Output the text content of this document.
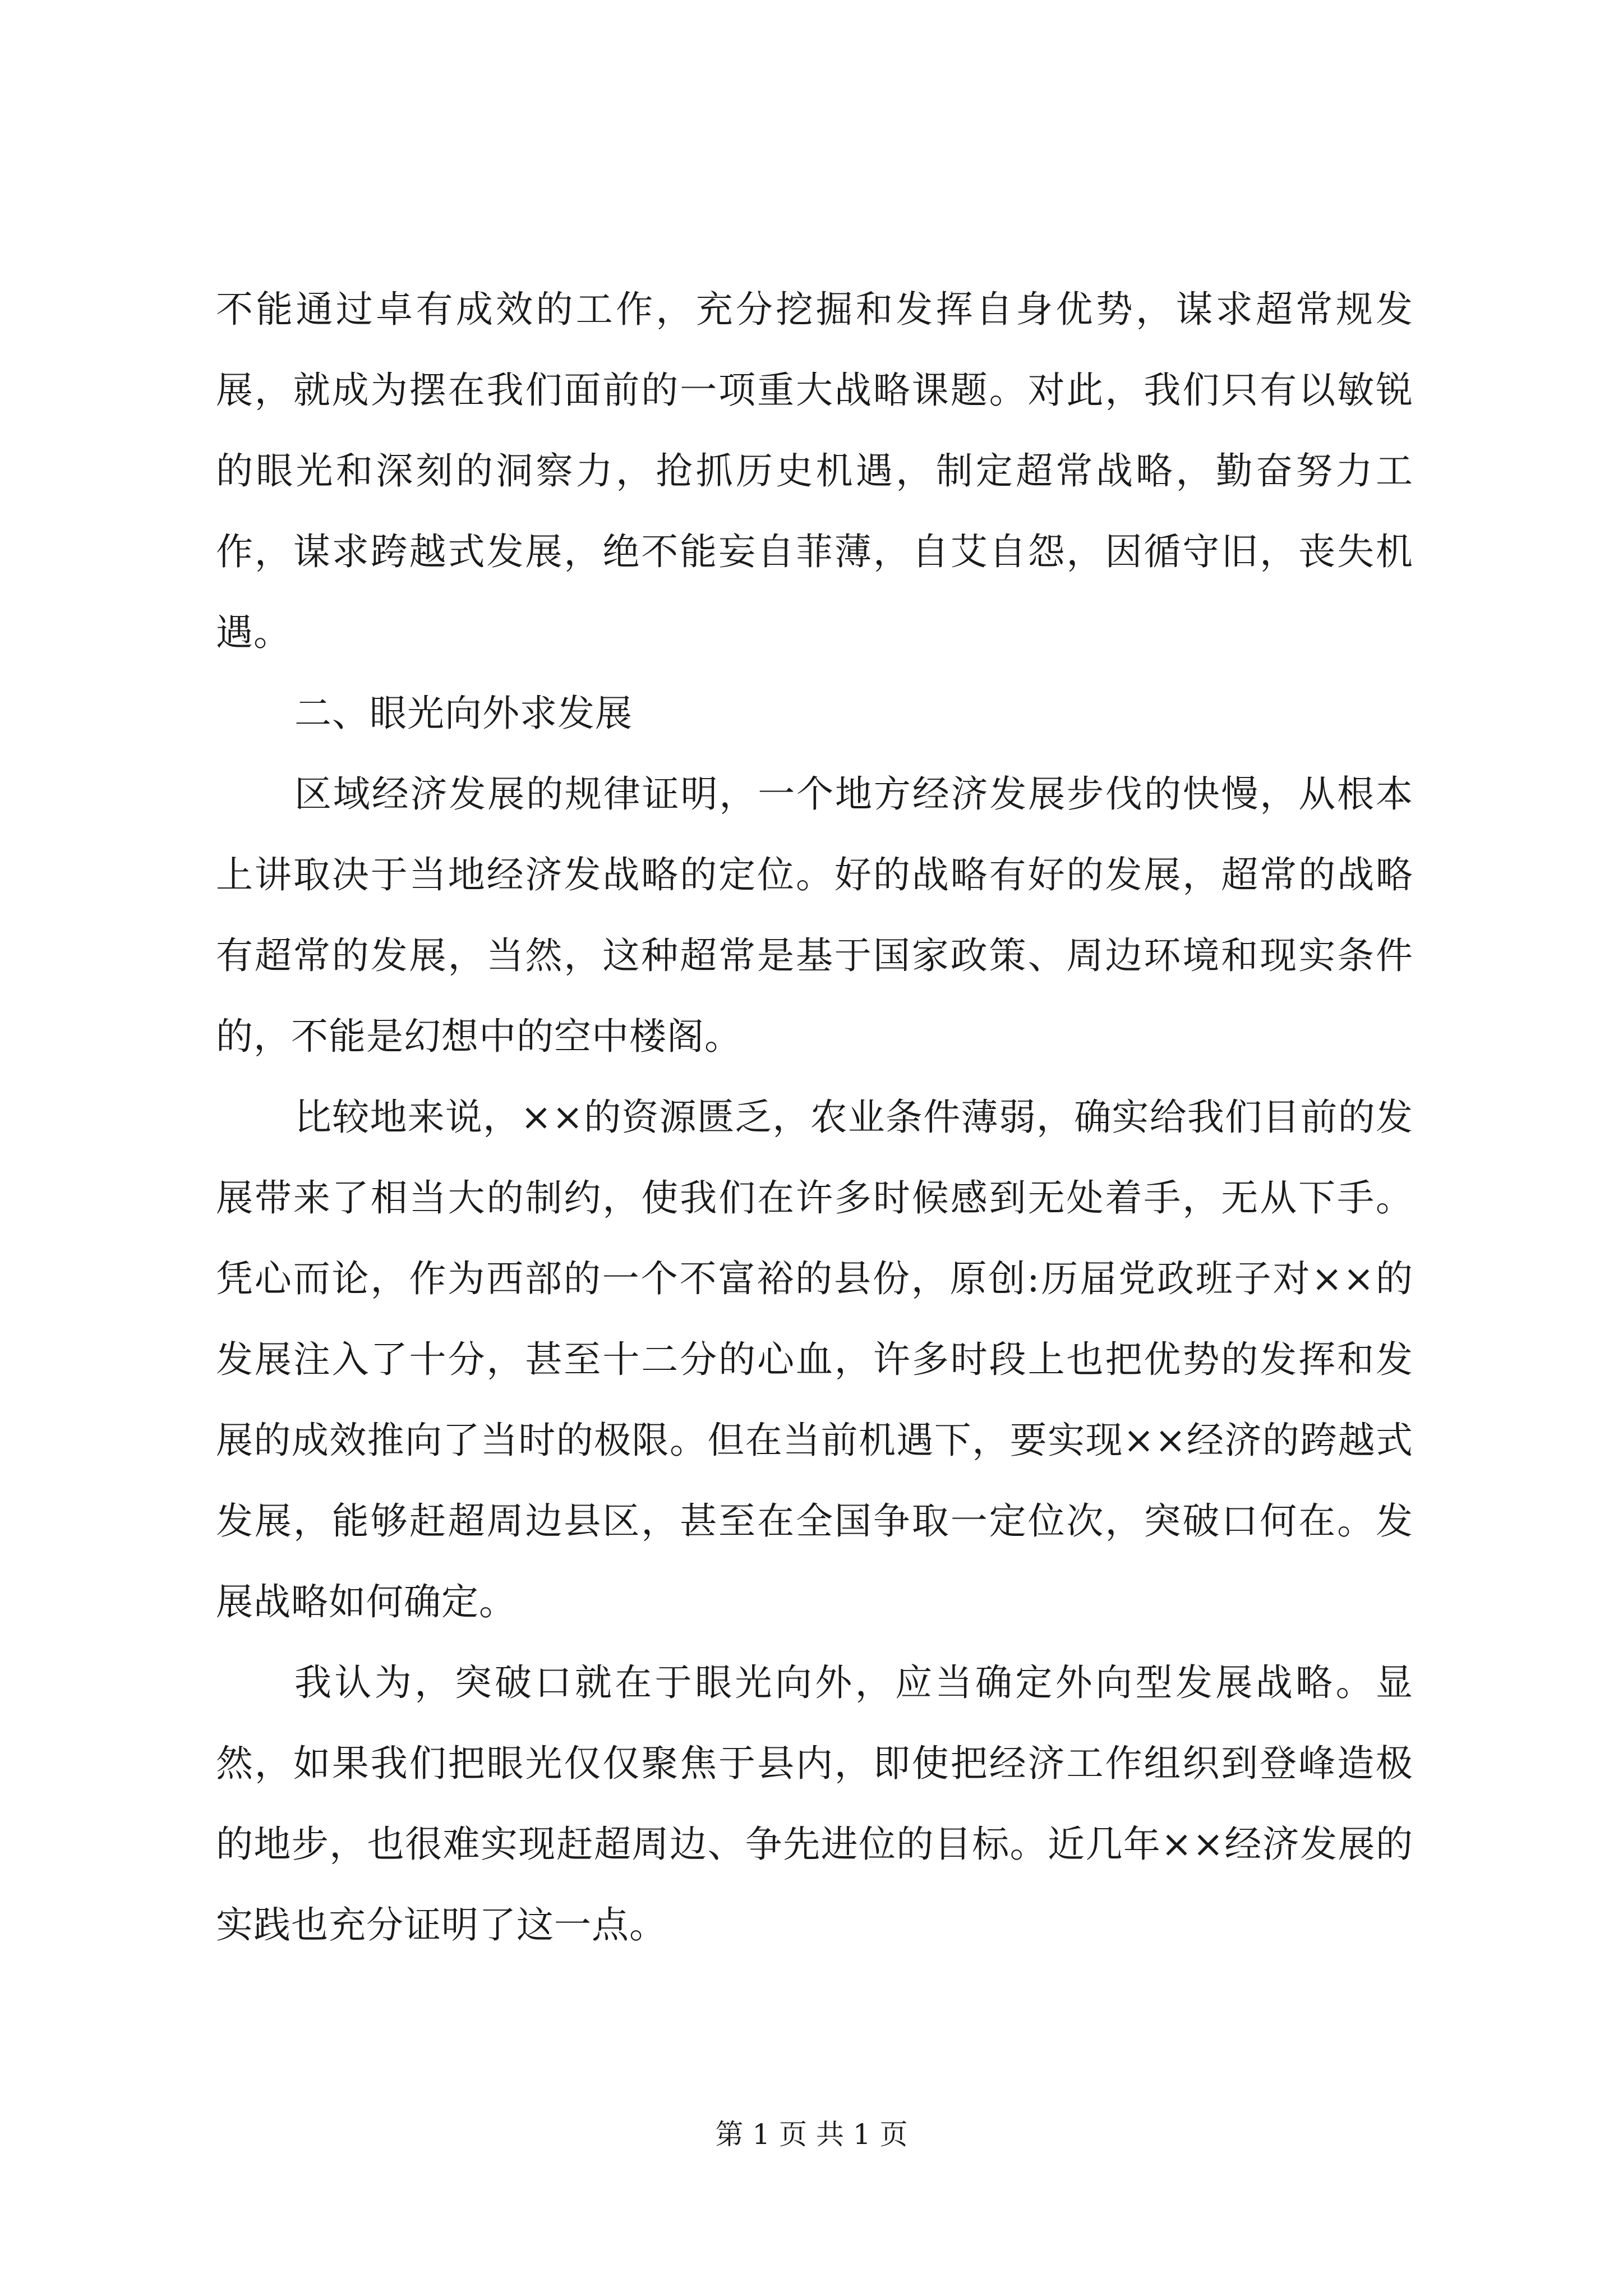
不能通过卓有成效的工作，充分挖掘和发挥自身优势，谋求超常规发展，就成为摆在我们面前的一项重大战略课题。对此，我们只有以敏锐的眼光和深刻的洞察力，抢抓历史机遇，制定超常战略，勤奋努力工作，谋求跨越式发展，绝不能妄自菲薄，自艾自怨，因循守旧，丧失机遇。

二、眼光向外求发展

区域经济发展的规律证明，一个地方经济发展步伐的快慢，从根本上讲取决于当地经济发战略的定位。好的战略有好的发展，超常的战略有超常的发展，当然，这种超常是基于国家政策、周边环境和现实条件的，不能是幻想中的空中楼阁。

比较地来说，××的资源匮乏，农业条件薄弱，确实给我们目前的发展带来了相当大的制约，使我们在许多时候感到无处着手，无从下手。凭心而论，作为西部的一个不富裕的县份，原创:历届党政班子对××的发展注入了十分，甚至十二分的心血，许多时段上也把优势的发挥和发展的成效推向了当时的极限。但在当前机遇下，要实现××经济的跨越式发展，能够赶超周边县区，甚至在全国争取一定位次，突破口何在。发展战略如何确定。

我认为，突破口就在于眼光向外，应当确定外向型发展战略。显然，如果我们把眼光仅仅聚焦于县内，即使把经济工作组织到登峰造极的地步，也很难实现赶超周边、争先进位的目标。近几年××经济发展的实践也充分证明了这一点。

第 1 页 共 1 页
